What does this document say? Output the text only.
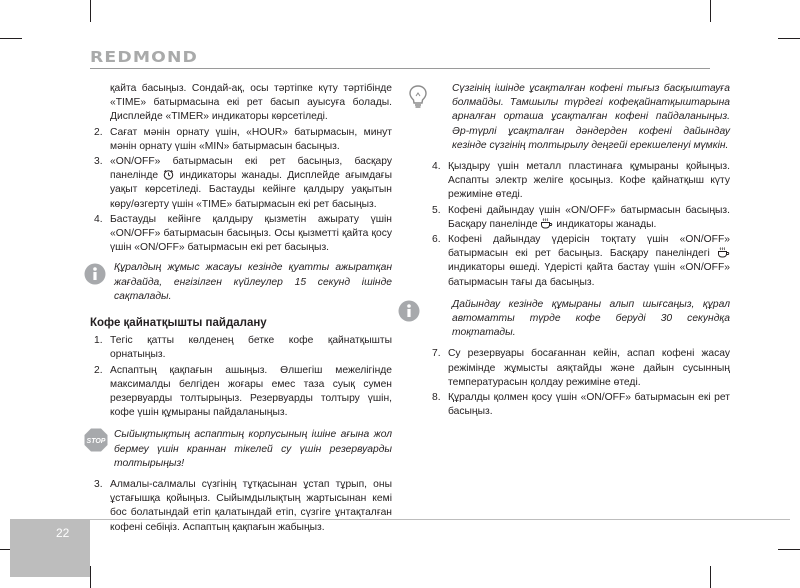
REDMOND

қайта басыңыз. Сондай-ақ, осы тәртіпке күту тәртібінде «TIME» батырмасына екі рет басып ауысуға болады. Дисплейде «TIMER» индикаторы көрсетіледі.

2. Сағат мәнін орнату үшін, «HOUR» батырмасын, минут мәнін орнату үшін «MIN» батырмасын басыңыз.
3. «ON/OFF» батырмасын екі рет басыңыз, басқару панелінде индикаторы жанады. Дисплейде ағымдағы уақыт көрсетіледі. Бастауды кейінге қалдыру уақытын көру/өзгерту үшін «TIME» батырмасын екі рет басыңыз.
4. Бастауды кейінге қалдыру қызметін ажырату үшін «ON/OFF» батырмасын басыңыз. Осы қызметті қайта қосу үшін «ON/OFF» батырмасын екі рет басыңыз.
Құралдың жұмыс жасауы кезінде қуатты ажыратқан жағдайда, енгізілген күйлеулер 15 секунд ішінде сақталады.
Кофе қайнатқышты пайдалану
1. Тегіс қатты көлденең бетке кофе қайнатқышты орнатыңыз.
2. Аспаптың қақпағын ашыңыз. Өлшегіш межелігінде максималды белгіден жоғары емес таза суық сумен резервуарды толтырыңыз. Резервуарды толтыру үшін, кофе үшін құмыраны пайдаланыңыз.
STOP
Сыйықтықтың аспаптың корпусының ішіне ағына жол бермеу үшін краннан тікелей су үшін резервуарды толтырыңыз!
3. Алмалы-салмалы сүзгінің тұтқасынан ұстап тұрып, оны ұстағышқа қойыңыз. Сыйымдылықтың жартысынан кемі бос болатындай етіп қалатындай етіп, сүзгіге ұнтақталған кофені себіңіз. Аспаптың қақпағын жабыңыз.
Сүзгінің ішінде ұсақталған кофені тығыз басқыштауға болмайды. Тамшылы түрдегі кофеқайнатқыштарына арналған орташа ұсақталған кофені пайдаланыңыз. Әр-түрлі ұсақталған дәндерден кофені дайындау кезінде сүзгінің толтырылу деңгейі ерекшеленуі мүмкін.
4. Қыздыру үшін металл пластинаға құмыраны қойыңыз. Аспапты электр желіге қосыңыз. Кофе қайнатқыш күту режиміне өтеді.
5. Кофені дайындау үшін «ON/OFF» батырмасын басыңыз. Басқару панелінде индикаторы жанады.
6. Кофені дайындау үдерісін тоқтату үшін «ON/OFF» батырмасын екі рет басыңыз. Басқару панеліндегі  индикаторы өшеді. Үдерісті қайта бастау үшін «ON/OFF» батырмасын тағы да басыңыз.
Дайындау кезінде құмыраны алып шығсаңыз, құрал автоматты түрде кофе беруді 30 секундқа тоқтатады.
7. Су резервуары босағаннан кейін, аспап кофені жасау режімінде жұмысты аяқтайды және дайын сусынның температурасын қолдау режиміне өтеді.
8. Құралды қолмен қосу үшін «ON/OFF» батырмасын екі рет басыңыз.
22
